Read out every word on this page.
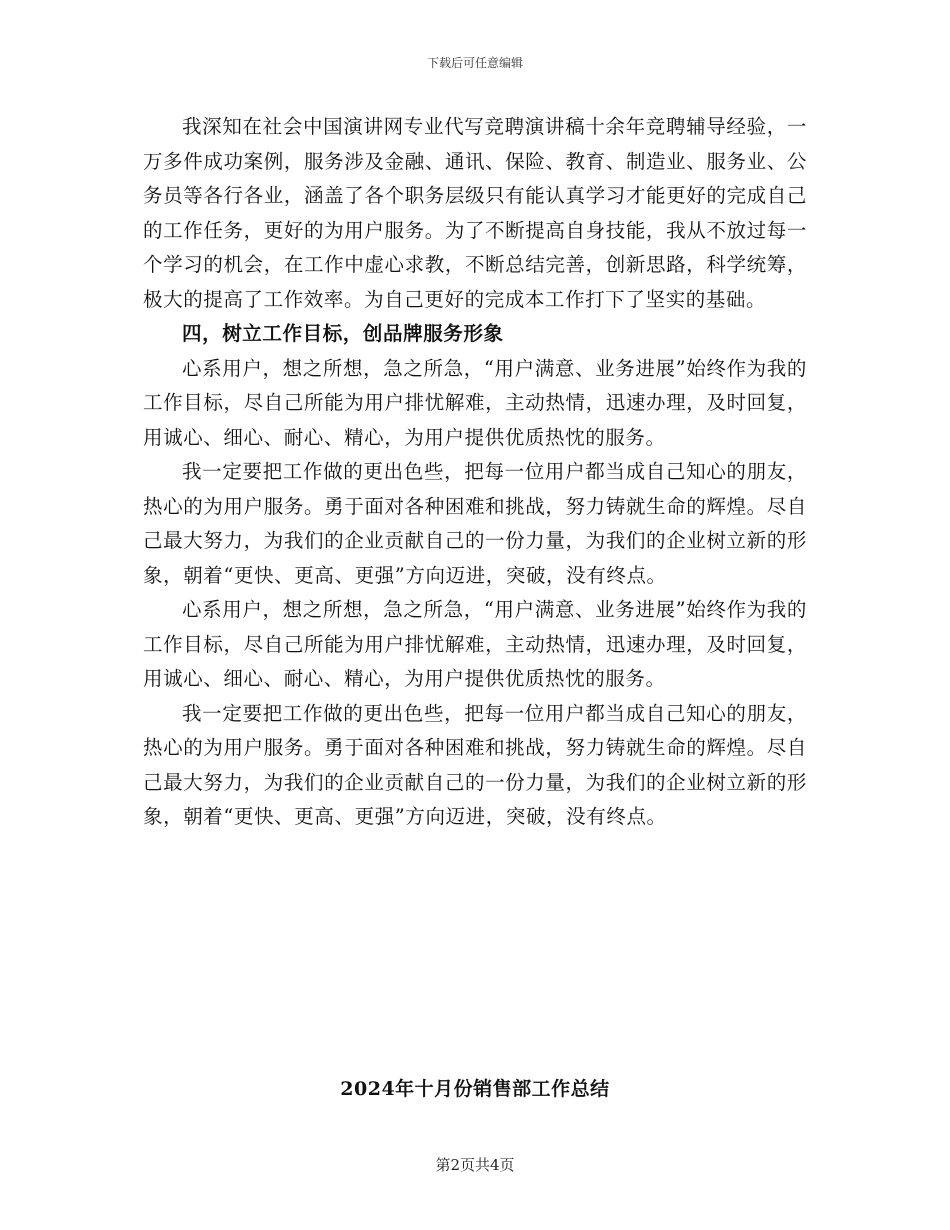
下载后可任意编辑

我深知在社会中国演讲网专业代写竞聘演讲稿十余年竞聘辅导经验，一万多件成功案例，服务涉及金融、通讯、保险、教育、制造业、服务业、公务员等各行各业，涵盖了各个职务层级只有能认真学习才能更好的完成自己的工作任务，更好的为用户服务。为了不断提高自身技能，我从不放过每一个学习的机会，在工作中虚心求教，不断总结完善，创新思路，科学统筹，极大的提高了工作效率。为自己更好的完成本工作打下了坚实的基础。

四，树立工作目标，创品牌服务形象

心系用户，想之所想，急之所急，“用户满意、业务进展”始终作为我的工作目标，尽自己所能为用户排忧解难，主动热情，迅速办理，及时回复，用诚心、细心、耐心、精心，为用户提供优质热忱的服务。

我一定要把工作做的更出色些，把每一位用户都当成自己知心的朋友，热心的为用户服务。勇于面对各种困难和挑战，努力铸就生命的辉煌。尽自己最大努力，为我们的企业贡献自己的一份力量，为我们的企业树立新的形象，朝着“更快、更高、更强”方向迈进，突破，没有终点。

心系用户，想之所想，急之所急，“用户满意、业务进展”始终作为我的工作目标，尽自己所能为用户排忧解难，主动热情，迅速办理，及时回复，用诚心、细心、耐心、精心，为用户提供优质热忱的服务。

我一定要把工作做的更出色些，把每一位用户都当成自己知心的朋友，热心的为用户服务。勇于面对各种困难和挑战，努力铸就生命的辉煌。尽自己最大努力，为我们的企业贡献自己的一份力量，为我们的企业树立新的形象，朝着“更快、更高、更强”方向迈进，突破，没有终点。

2024年十月份销售部工作总结
第2页共4页
